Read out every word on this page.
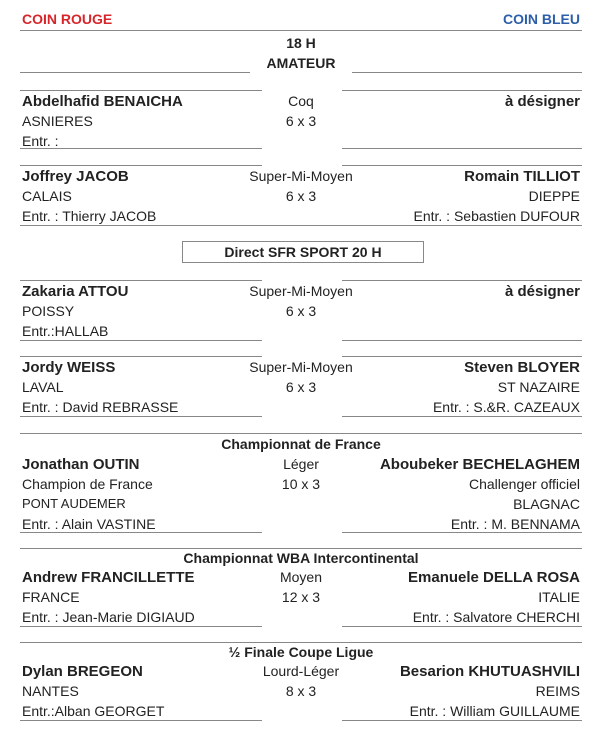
COIN ROUGE	COIN BLEU
18 H
AMATEUR
Abdelhafid BENAICHA
ASNIERES
Entr. :
Coq
6 x 3
à désigner
Joffrey JACOB
CALAIS
Entr. : Thierry JACOB
Super-Mi-Moyen
6 x 3
Romain TILLIOT
DIEPPE
Entr. : Sebastien DUFOUR
Direct SFR SPORT 20 H
Zakaria ATTOU
POISSY
Entr.:HALLAB
Super-Mi-Moyen
6 x 3
à désigner
Jordy WEISS
LAVAL
Entr. : David REBRASSE
Super-Mi-Moyen
6 x 3
Steven BLOYER
ST NAZAIRE
Entr. : S.&R. CAZEAUX
Championnat de France
Jonathan OUTIN
Champion de France
PONT AUDEMER
Entr. : Alain VASTINE
Léger
10 x 3
Aboubeker BECHELAGHEM
Challenger officiel
BLAGNAC
Entr. : M. BENNAMA
Championnat WBA Intercontinental
Andrew FRANCILLETTE
FRANCE
Entr. : Jean-Marie DIGIAUD
Moyen
12 x 3
Emanuele DELLA ROSA
ITALIE
Entr. : Salvatore CHERCHI
½ Finale Coupe Ligue
Dylan BREGEON
NANTES
Entr.:Alban GEORGET
Lourd-Léger
8 x 3
Besarion KHUTUASHVILI
REIMS
Entr. : William GUILLAUME
